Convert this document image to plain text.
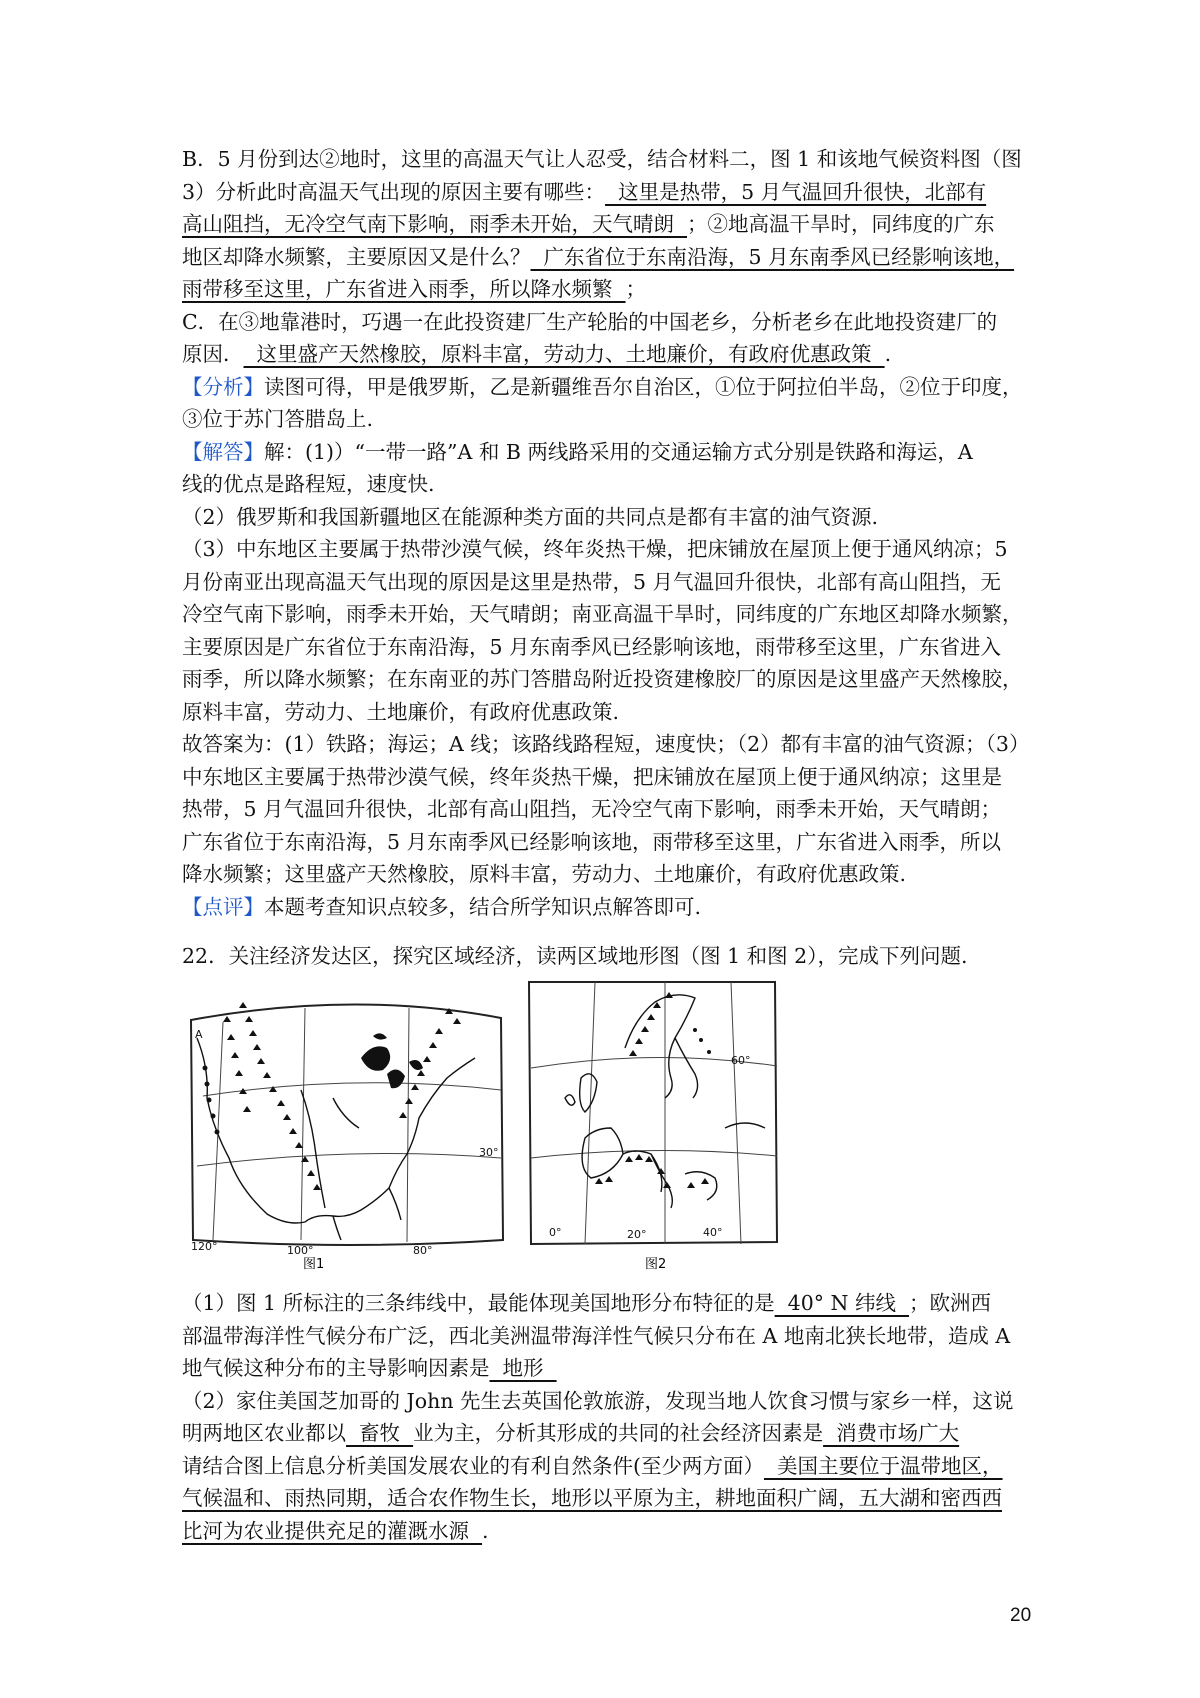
B．5 月份到达②地时，这里的高温天气让人忍受，结合材料二，图 1 和该地气候资料图（图

3）分析此时高温天气出现的原因主要有哪些：  这里是热带，5 月气温回升很快，北部有

高山阻挡，无冷空气南下影响，雨季未开始，天气晴朗  ；②地高温干旱时，同纬度的广东

地区却降水频繁，主要原因又是什么？  广东省位于东南沿海，5 月东南季风已经影响该地，

雨带移至这里，广东省进入雨季，所以降水频繁  ；

C．在③地靠港时，巧遇一在此投资建厂生产轮胎的中国老乡，分析老乡在此地投资建厂的

原因．  这里盛产天然橡胶，原料丰富，劳动力、土地廉价，有政府优惠政策  .

【分析】读图可得，甲是俄罗斯，乙是新疆维吾尔自治区，①位于阿拉伯半岛，②位于印度，

③位于苏门答腊岛上.

【解答】解：(1)）“一带一路”A 和 B 两线路采用的交通运输方式分别是铁路和海运，A

线的优点是路程短，速度快.

（2）俄罗斯和我国新疆地区在能源种类方面的共同点是都有丰富的油气资源.

（3）中东地区主要属于热带沙漠气候，终年炎热干燥，把床铺放在屋顶上便于通风纳凉；5

月份南亚出现高温天气出现的原因是这里是热带，5 月气温回升很快，北部有高山阻挡，无

冷空气南下影响，雨季未开始，天气晴朗；南亚高温干旱时，同纬度的广东地区却降水频繁，

主要原因是广东省位于东南沿海，5 月东南季风已经影响该地，雨带移至这里，广东省进入

雨季，所以降水频繁；在东南亚的苏门答腊岛附近投资建橡胶厂的原因是这里盛产天然橡胶，

原料丰富，劳动力、土地廉价，有政府优惠政策.

故答案为：(1）铁路；海运；A 线；该路线路程短，速度快；（2）都有丰富的油气资源；（3）

中东地区主要属于热带沙漠气候，终年炎热干燥，把床铺放在屋顶上便于通风纳凉；这里是

热带，5 月气温回升很快，北部有高山阻挡，无冷空气南下影响，雨季未开始，天气晴朗；

广东省位于东南沿海，5 月东南季风已经影响该地，雨带移至这里，广东省进入雨季，所以

降水频繁；这里盛产天然橡胶，原料丰富，劳动力、土地廉价，有政府优惠政策.

【点评】本题考查知识点较多，结合所学知识点解答即可.

22．关注经济发达区，探究区域经济，读两区域地形图（图 1 和图 2），完成下列问题.

120°	100°	80°
30°
A
图1
0°	20°	40°
60°
图2

（1）图 1 所标注的三条纬线中，最能体现美国地形分布特征的是  40° N 纬线  ；欧洲西

部温带海洋性气候分布广泛，西北美洲温带海洋性气候只分布在 A 地南北狭长地带，造成 A

地气候这种分布的主导影响因素是  地形

（2）家住美国芝加哥的 John 先生去英国伦敦旅游，发现当地人饮食习惯与家乡一样，这说

明两地区农业都以  畜牧  业为主，分析其形成的共同的社会经济因素是  消费市场广大

请结合图上信息分析美国发展农业的有利自然条件(至少两方面）  美国主要位于温带地区，

气候温和、雨热同期，适合农作物生长，地形以平原为主，耕地面积广阔，五大湖和密西西

比河为农业提供充足的灌溉水源  .

20
